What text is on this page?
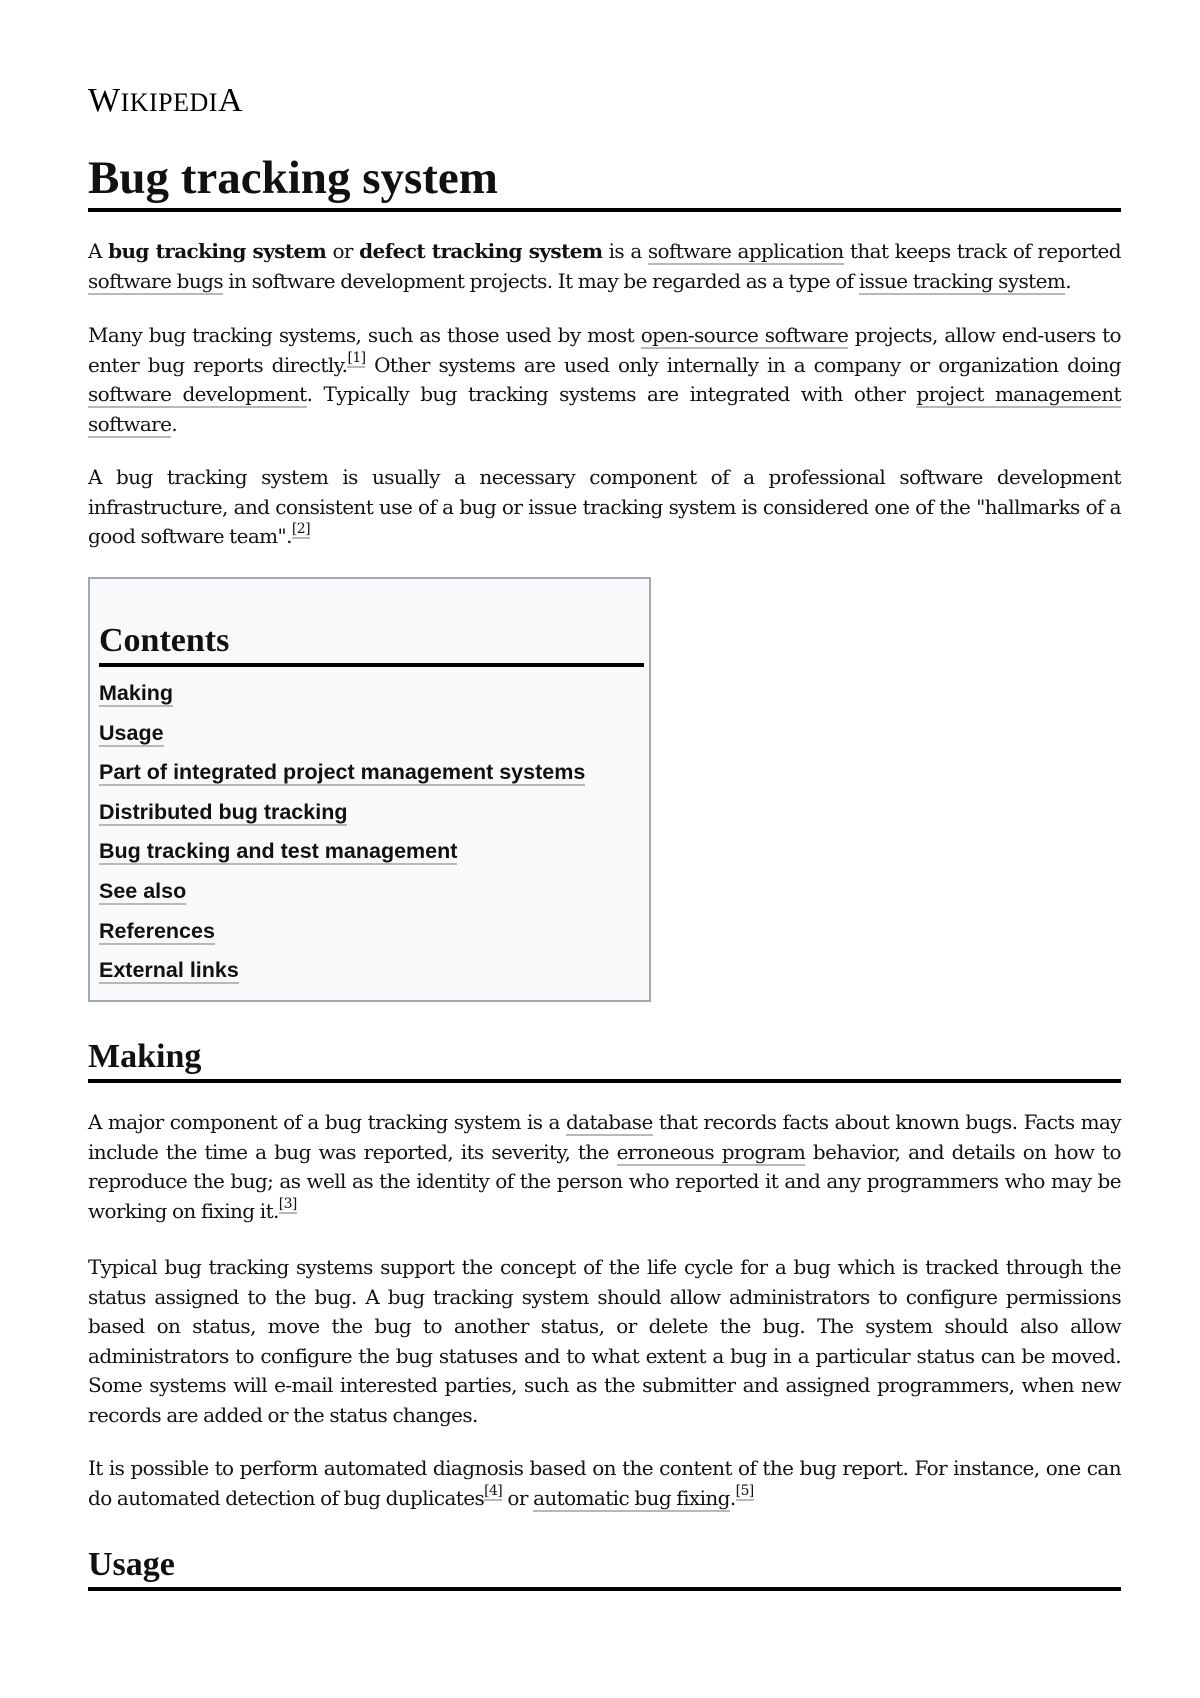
WIKIPEDIA
Bug tracking system

A bug tracking system or defect tracking system is a software application that keeps track of reported software bugs in software development projects. It may be regarded as a type of issue tracking system.

Many bug tracking systems, such as those used by most open-source software projects, allow end-users to enter bug reports directly.[1] Other systems are used only internally in a company or organization doing software development. Typically bug tracking systems are integrated with other project management software.

A bug tracking system is usually a necessary component of a professional software development infrastructure, and consistent use of a bug or issue tracking system is considered one of the "hallmarks of a good software team".[2]

Contents
Making
Usage
Part of integrated project management systems
Distributed bug tracking
Bug tracking and test management
See also
References
External links
Making

A major component of a bug tracking system is a database that records facts about known bugs. Facts may include the time a bug was reported, its severity, the erroneous program behavior, and details on how to reproduce the bug; as well as the identity of the person who reported it and any programmers who may be working on fixing it.[3]

Typical bug tracking systems support the concept of the life cycle for a bug which is tracked through the status assigned to the bug. A bug tracking system should allow administrators to configure permissions based on status, move the bug to another status, or delete the bug. The system should also allow administrators to configure the bug statuses and to what extent a bug in a particular status can be moved. Some systems will e-mail interested parties, such as the submitter and assigned programmers, when new records are added or the status changes.

It is possible to perform automated diagnosis based on the content of the bug report. For instance, one can do automated detection of bug duplicates[4] or automatic bug fixing.[5]

Usage
